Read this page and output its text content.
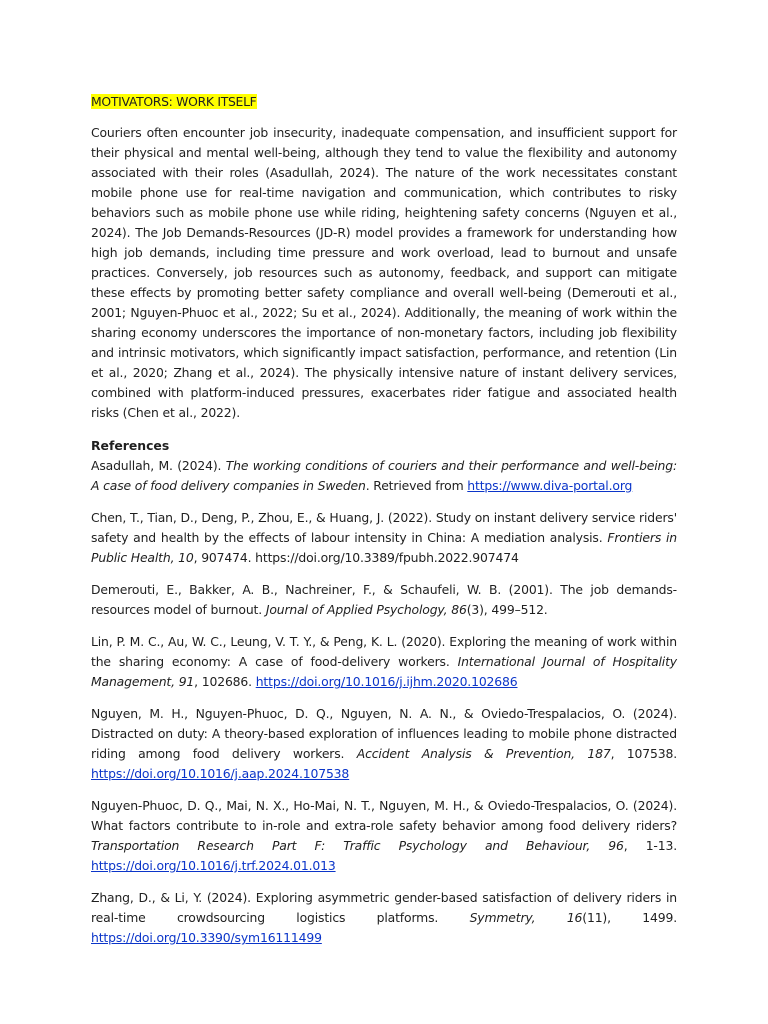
MOTIVATORS: WORK ITSELF

Couriers often encounter job insecurity, inadequate compensation, and insufficient support for their physical and mental well-being, although they tend to value the flexibility and autonomy associated with their roles (Asadullah, 2024). The nature of the work necessitates constant mobile phone use for real-time navigation and communication, which contributes to risky behaviors such as mobile phone use while riding, heightening safety concerns (Nguyen et al., 2024). The Job Demands-Resources (JD-R) model provides a framework for understanding how high job demands, including time pressure and work overload, lead to burnout and unsafe practices. Conversely, job resources such as autonomy, feedback, and support can mitigate these effects by promoting better safety compliance and overall well-being (Demerouti et al., 2001; Nguyen-Phuoc et al., 2022; Su et al., 2024). Additionally, the meaning of work within the sharing economy underscores the importance of non-monetary factors, including job flexibility and intrinsic motivators, which significantly impact satisfaction, performance, and retention (Lin et al., 2020; Zhang et al., 2024). The physically intensive nature of instant delivery services, combined with platform-induced pressures, exacerbates rider fatigue and associated health risks (Chen et al., 2022).

References

Asadullah, M. (2024). The working conditions of couriers and their performance and well-being: A case of food delivery companies in Sweden. Retrieved from https://www.diva-portal.org

Chen, T., Tian, D., Deng, P., Zhou, E., & Huang, J. (2022). Study on instant delivery service riders' safety and health by the effects of labour intensity in China: A mediation analysis. Frontiers in Public Health, 10, 907474. https://doi.org/10.3389/fpubh.2022.907474

Demerouti, E., Bakker, A. B., Nachreiner, F., & Schaufeli, W. B. (2001). The job demands-resources model of burnout. Journal of Applied Psychology, 86(3), 499–512.

Lin, P. M. C., Au, W. C., Leung, V. T. Y., & Peng, K. L. (2020). Exploring the meaning of work within the sharing economy: A case of food-delivery workers. International Journal of Hospitality Management, 91, 102686. https://doi.org/10.1016/j.ijhm.2020.102686

Nguyen, M. H., Nguyen-Phuoc, D. Q., Nguyen, N. A. N., & Oviedo-Trespalacios, O. (2024). Distracted on duty: A theory-based exploration of influences leading to mobile phone distracted riding among food delivery workers. Accident Analysis & Prevention, 187, 107538. https://doi.org/10.1016/j.aap.2024.107538

Nguyen-Phuoc, D. Q., Mai, N. X., Ho-Mai, N. T., Nguyen, M. H., & Oviedo-Trespalacios, O. (2024). What factors contribute to in-role and extra-role safety behavior among food delivery riders? Transportation Research Part F: Traffic Psychology and Behaviour, 96, 1-13. https://doi.org/10.1016/j.trf.2024.01.013

Zhang, D., & Li, Y. (2024). Exploring asymmetric gender-based satisfaction of delivery riders in real-time crowdsourcing logistics platforms. Symmetry, 16(11), 1499. https://doi.org/10.3390/sym16111499
